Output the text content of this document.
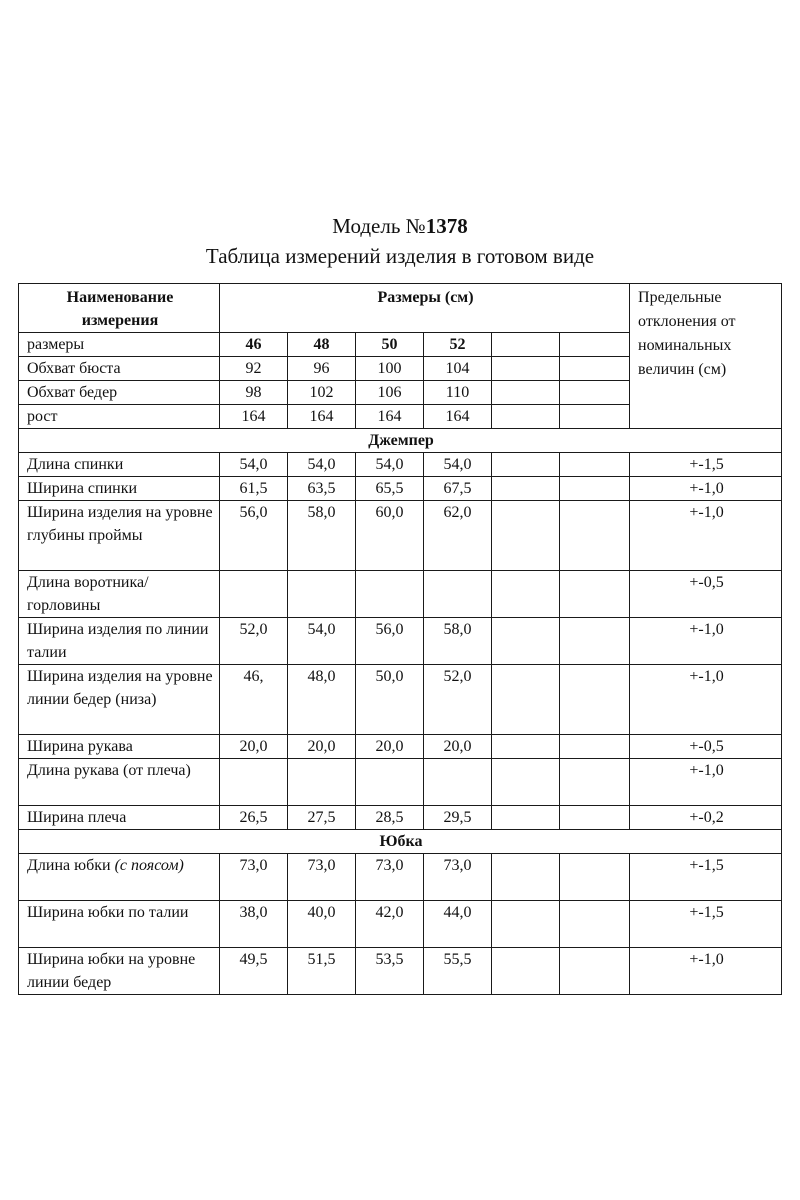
Модель №1378
Таблица измерений изделия в готовом виде
Наименование измерения	Размеры (см)						Предельные отклонения от номинальных величин (см)
размеры	46	48	50	52			
Обхват бюста	92	96	100	104			
Обхват бедер	98	102	106	110			
рост	164	164	164	164			
Джемпер							
Длина спинки	54,0	54,0	54,0	54,0			+-1,5
Ширина спинки	61,5	63,5	65,5	67,5			+-1,0
Ширина изделия на уровне глубины проймы	56,0	58,0	60,0	62,0			+-1,0
Длина воротника/горловины							+-0,5
Ширина изделия по линии талии	52,0	54,0	56,0	58,0			+-1,0
Ширина изделия на уровне линии бедер (низа)	46,	48,0	50,0	52,0			+-1,0
Ширина рукава	20,0	20,0	20,0	20,0			+-0,5
Длина рукава (от плеча)							+-1,0
Ширина плеча	26,5	27,5	28,5	29,5			+-0,2
Юбка							
Длина юбки (с поясом)	73,0	73,0	73,0	73,0			+-1,5
Ширина юбки по талии	38,0	40,0	42,0	44,0			+-1,5
Ширина юбки на уровне линии бедер	49,5	51,5	53,5	55,5			+-1,0
